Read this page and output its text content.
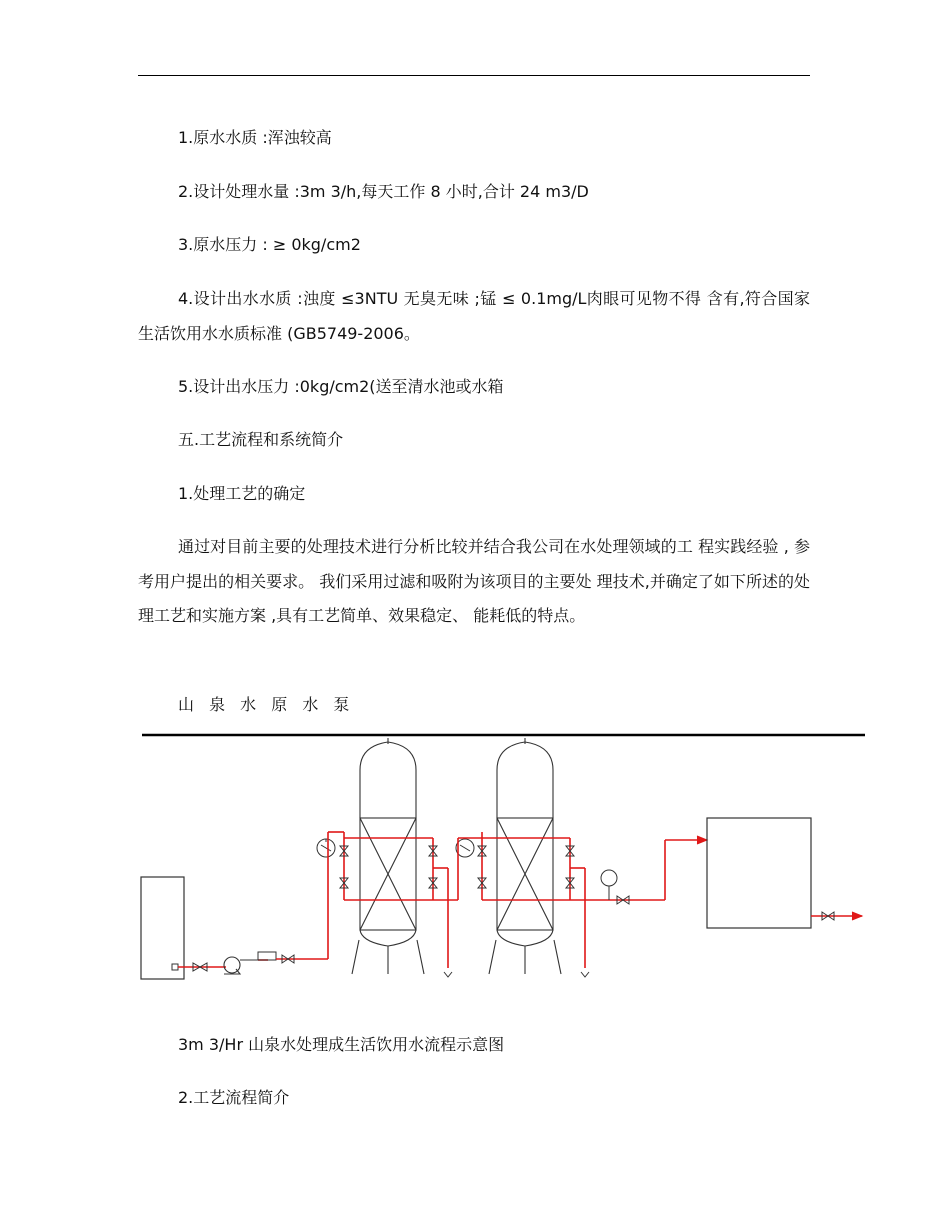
1.原水水质 :浑浊较高
2.设计处理水量 :3m 3/h,每天工作 8 小时,合计 24 m3/D
3.原水压力 : ≥ 0kg/cm2
4.设计出水水质 :浊度 ≤3NTU 无臭无味 ;锰 ≤ 0.1mg/L肉眼可见物不得 含有,符合国家生活饮用水水质标准 (GB5749-2006。
5.设计出水压力 :0kg/cm2(送至清水池或水箱
五.工艺流程和系统简介
1.处理工艺的确定
通过对目前主要的处理技术进行分析比较并结合我公司在水处理领域的工 程实践经验 , 参考用户提出的相关要求。 我们采用过滤和吸附为该项目的主要处 理技术,并确定了如下所述的处理工艺和实施方案 ,具有工艺简单、效果稳定、 能耗低的特点。
山 泉 水 原 水 泵
3m 3/Hr 山泉水处理成生活饮用水流程示意图
2.工艺流程简介
